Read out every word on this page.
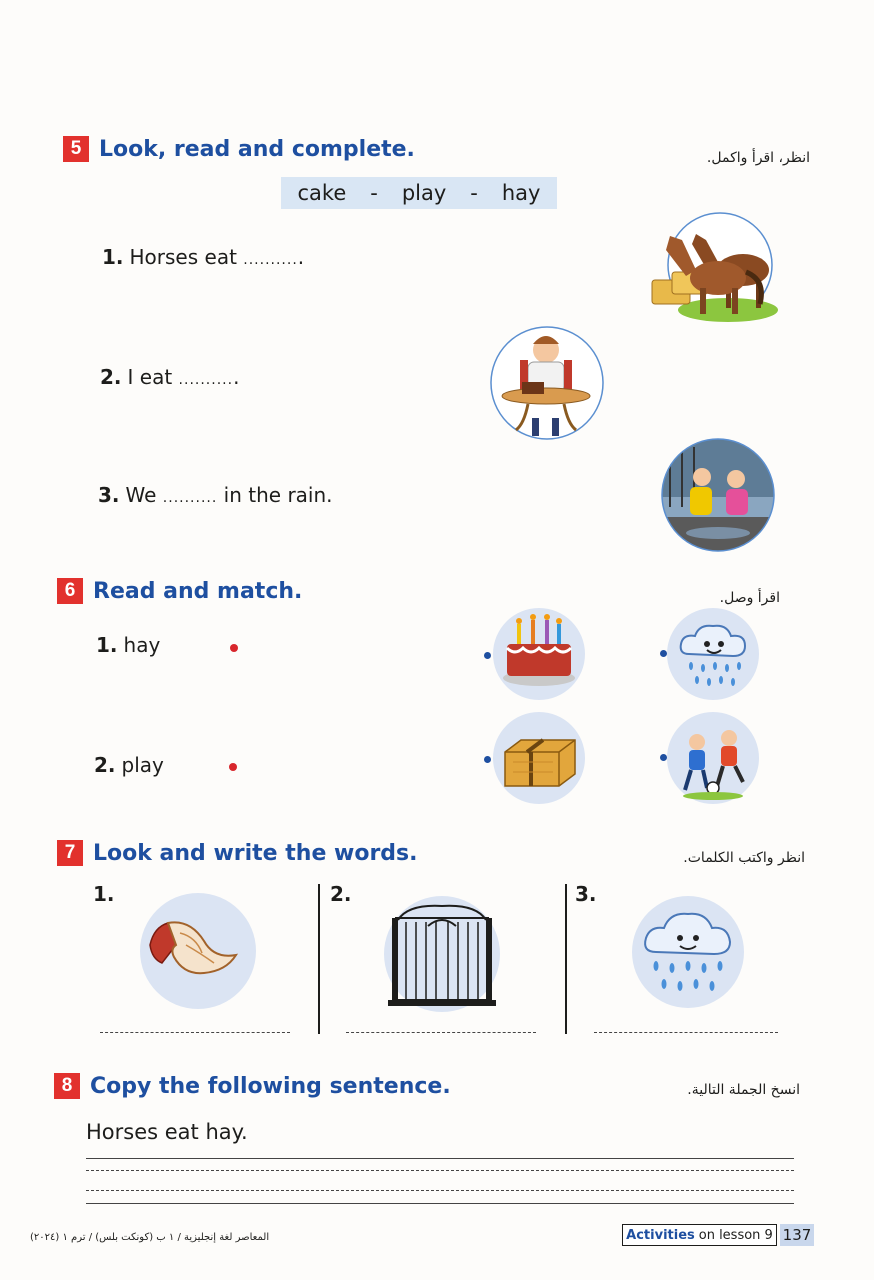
5 Look, read and complete.	انظر، اقرأ واكمل.
cake - play - hay
1. Horses eat ...........
2. I eat ...........
3. We .......... in the rain.
6 Read and match.	اقرأ وصل.
1. hay
2. play
7 Look and write the words.	انظر واكتب الكلمات.
1.	2.	3.
8 Copy the following sentence.	انسخ الجملة التالية.
Horses eat hay.
المعاصر لغة إنجليزية / ١ ب (كونكت بلس) / ترم ١ (٢٠٢٤)	Activities on lesson 9 137
